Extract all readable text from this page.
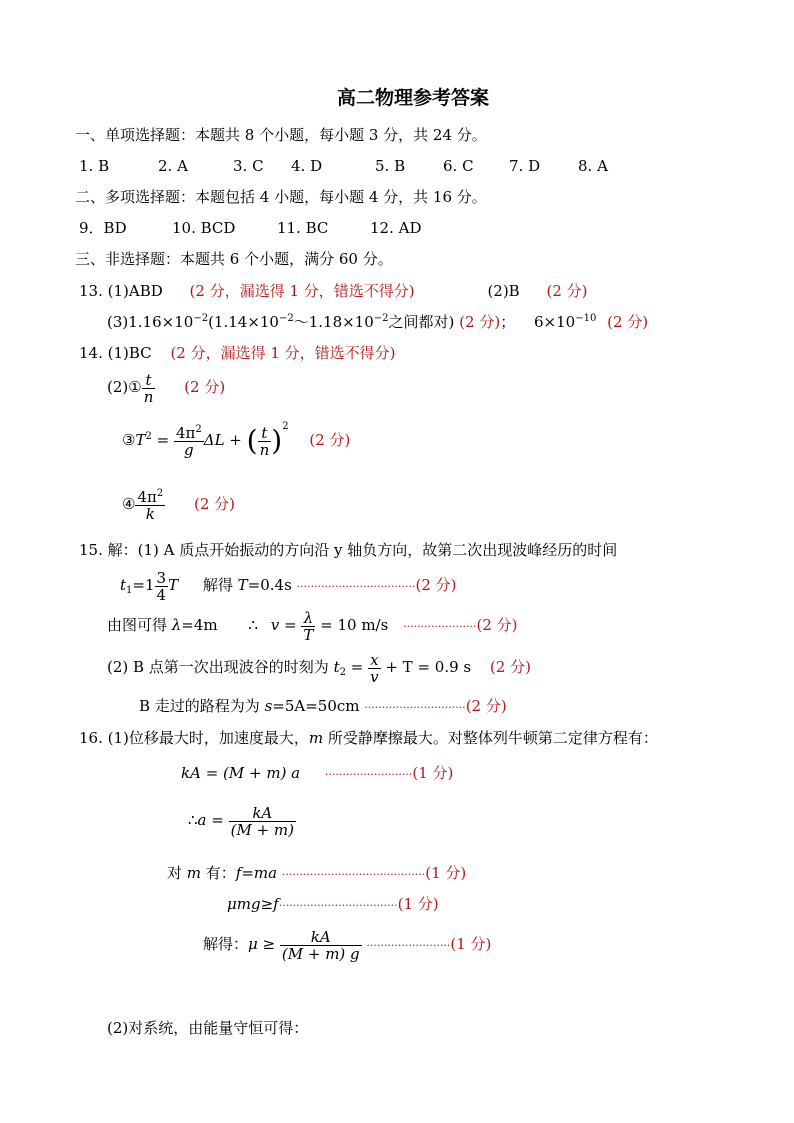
高二物理参考答案
一、单项选择题：本题共 8 个小题，每小题 3 分，共 24 分。
1. B	2. A	3. C 4. D	5. B	6. C 7. D	8. A
二、多项选择题：本题包括 4 小题，每小题 4 分，共 16 分。
9．BD	10. BCD	11. BC	12. AD
三、非选择题：本题共 6 个小题，满分 60 分。
13. (1)ABD (2 分，漏选得 1 分，错选不得分)	(2)B (2 分)
$(3)1.16\times 10^{-2}(1.14\times 10^{-2}\sim 1.18\times 10^{-2}$之间都对) (2 分)； $6\times 10^{-10}$ (2 分)
14. (1)BC (2 分，漏选得 1 分，错选不得分)
(2)① $\frac{t}{n} (2$ 分)
$③T^2 = \frac{4\pi^2}{g}$ ΔL + ( $\frac{t}{n} )^2$ (2 分)
④ $\frac{4\pi^2}{k} (2$ 分)
15. 解：(1) A 质点开始振动的方向沿 y 轴负方向，故第二次出现波峰经历的时间
$t_1=1 \frac{3}{4}$ T 解得 T=0.4s ··································(2 分)
由图可得 λ=4m ∴ $v = \frac{\lambda}{T} = 10$ m/s ·····················(2 分)
(2) B 点第一次出现波谷的时刻为 $t_2 = \frac{x}{v} + T = 0.9$ s (2 分)
B 走过的路程为为 s=5A=50cm ·····························(2 分)
16. (1)位移最大时，加速度最大，m 所受静摩擦最大。对整体列牛顿第二定律方程有：
kA = (M + m) a ·························(1 分)
∴a = $\frac{kA}{(M + m)}$
对 m 有：f=ma ·········································(1 分)
μmg≥f··································(1 分)
解得：$\mu \ge \frac{kA}{(M + m) g} \cdot\cdot\cdot\cdot\cdot\cdot\cdot\cdot\cdot\cdot\cdot\cdot\cdot\cdot\cdot\cdot\cdot\cdot\cdot\cdot\cdot\cdot\cdot\cdot(1$ 分)
(2)对系统，由能量守恒可得：
